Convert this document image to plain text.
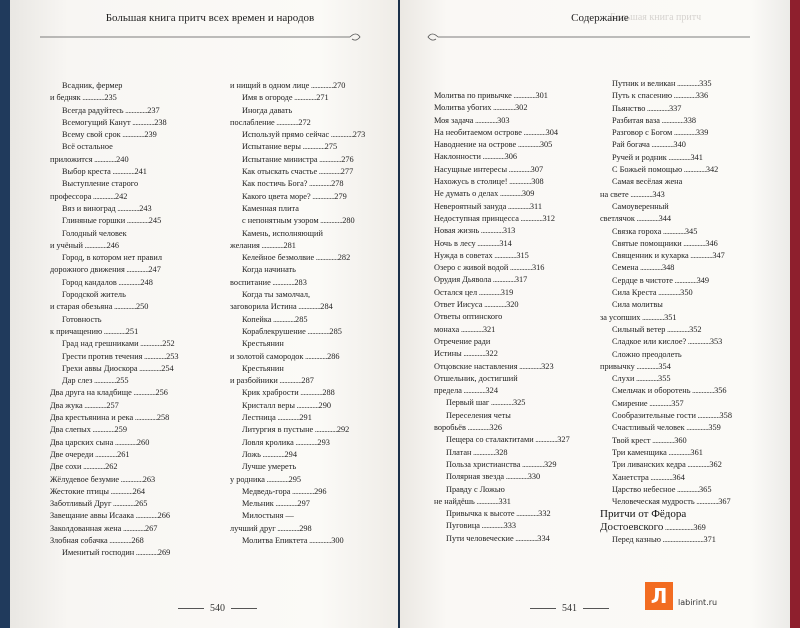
Большая книга притч всех времен и народов
Всадник, фермер
и бедняк ..............235
Всегда радуйтесь ..............237
Всемогущий Канут ..............238
Всему свой срок ..............239
Всё остальное
приложится ..............240
Выбор креста ..............241
Выступление старого
профессора ..............242
Вяз и виноград ..............243
Глиняные горшки ..............245
Голодный человек
и учёный ..............246
Город, в котором нет правил
дорожного движения ..............247
Город кандалов ..............248
Городской житель
и старая обезьяна ..............250
Готовность
к причащению ..............251
Град над грешниками ..............252
Грести против течения ..............253
Грехи аввы Диоскора ..............254
Дар слез ..............255
Два друга на кладбище ..............256
Два жука ..............257
Два крестьянина и река ..............258
Два слепых ..............259
Два царских сына ..............260
Две очереди ..............261
Две сохи ..............262
Жёлудевое безумие ..............263
Жестокие птицы ..............264
Заботливый Друг ..............265
Завещание аввы Исаака ..............266
Заколдованная жена ..............267
Злобная собачка ..............268
Именитый господин ..............269
и нищий в одном лице ..............270
Имя в огороде ..............271
Иногда давать
послабление ..............272
Используй прямо сейчас ..............273
Испытание веры ..............275
Испытание министра ..............276
Как отыскать счастье ..............277
Как постичь Бога? ..............278
Какого цвета море? ..............279
Каменная плита
с непонятным узором ..............280
Камень, исполняющий
желания ..............281
Келейное безмолвие ..............282
Когда начинать
воспитание ..............283
Когда ты замолчал,
заговорила Истина ..............284
Копейка ..............285
Кораблекрушение ..............285
Крестьянин
и золотой самородок ..............286
Крестьянин
и разбойники ..............287
Крик храбрости ..............288
Кристалл веры ..............290
Лестница ..............291
Литургия в пустыне ..............292
Ловля кролика ..............293
Ложь ..............294
Лучше умереть
у родника ..............295
Медведь-гора ..............296
Мельник ..............297
Милостыня —
лучший друг ..............298
Молитва Епиктета ..............300
540
Большая книга притч
Содержание
Молитва по привычке ..............301
Молитва убогих ..............302
Моя задача ..............303
На необитаемом острове ..............304
Наводнение на острове ..............305
Наклонности ..............306
Насущные интересы ..............307
Нахожусь в столице! ..............308
Не думать о делах ..............309
Невероятный зануда ..............311
Недоступная принцесса ..............312
Новая жизнь ..............313
Ночь в лесу ..............314
Нужда в советах ..............315
Озеро с живой водой ..............316
Орудия Дьявола ..............317
Остался цел ..............319
Ответ Иисуса ..............320
Ответы оптинского
монаха ..............321
Отречение ради
Истины ..............322
Отцовские наставления ..............323
Отшельник, достигший
предела ..............324
Первый шаг ..............325
Переселения четы
воробьёв ..............326
Пещера со сталактитами ..............327
Платан ..............328
Польза христианства ..............329
Полярная звезда ..............330
Правду с Ложью
не найдёшь ..............331
Привычка к высоте ..............332
Пуговица ..............333
Пути человеческие ..............334
Путник и великан ..............335
Путь к спасению ..............336
Пьянство ..............337
Разбитая ваза ..............338
Разговор с Богом ..............339
Рай богача ..............340
Ручей и родник ..............341
С Божьей помощью ..............342
Самая весёлая жена
на свете ..............343
Самоуверенный
светлячок ..............344
Связка гороха ..............345
Святые помощники ..............346
Священник и кухарка ..............347
Семена ..............348
Сердце в чистоте ..............349
Сила Креста ..............350
Сила молитвы
за усопших ..............351
Сильный ветер ..............352
Сладкое или кислое? ..............353
Сложно преодолеть
привычку ..............354
Слухи ..............355
Смельчак и оборотень ..............356
Смирение ..............357
Сообразительные гости ..............358
Счастливый человек ..............359
Твой крест ..............360
Три каменщика ..............361
Три ливанских кедра ..............362
Ханетстра ..............364
Царство небесное ..............365
Человеческая мудрость ..............367
Притчи от Фёдора
Достоевского ...................369
Перед казнью ..........................371
541
Л	labirint.ru
